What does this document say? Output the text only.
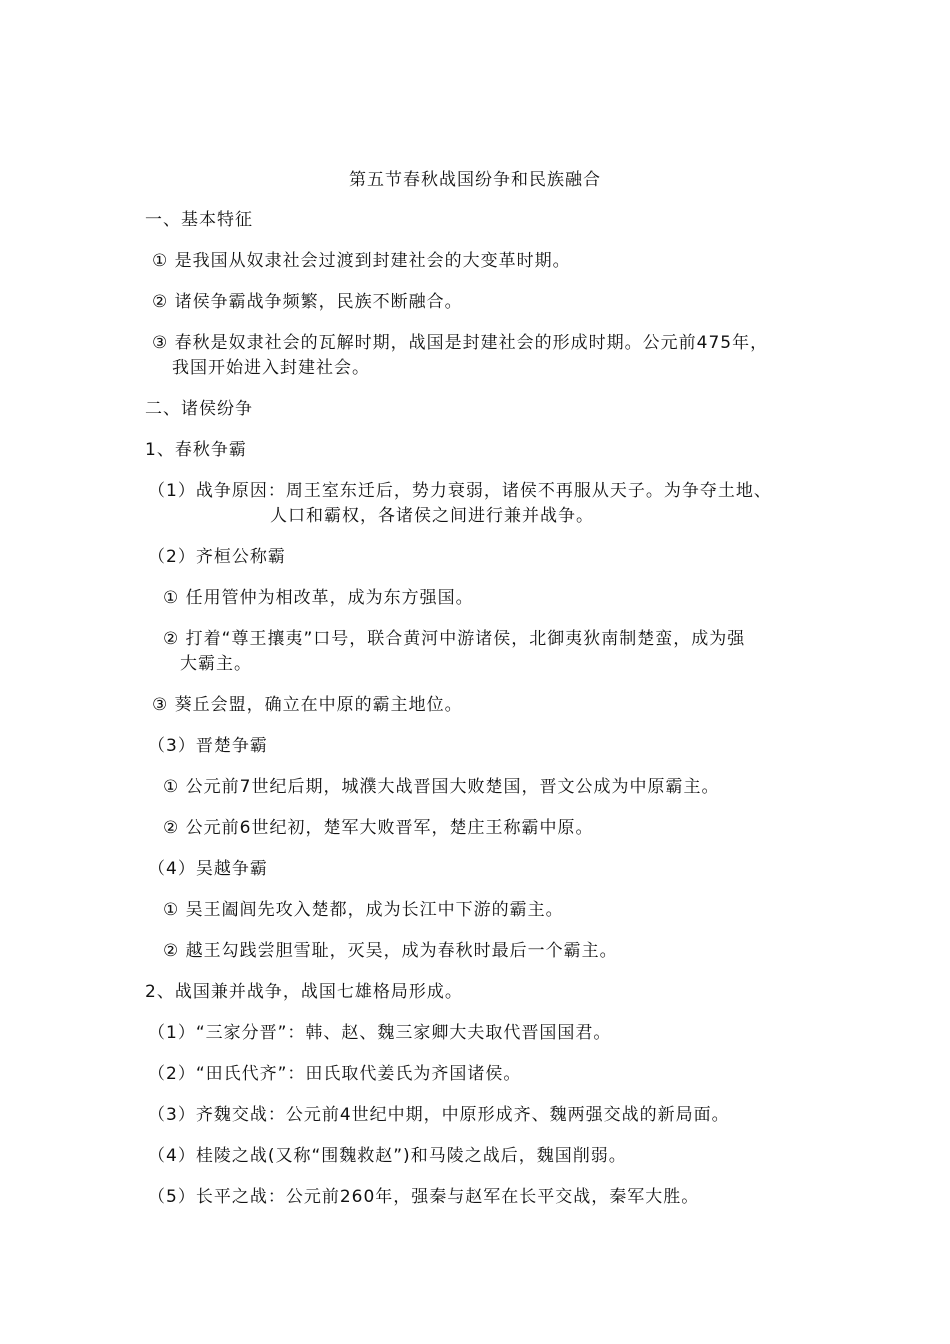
第五节春秋战国纷争和民族融合
一、基本特征
① 是我国从奴隶社会过渡到封建社会的大变革时期。
② 诸侯争霸战争频繁，民族不断融合。
③ 春秋是奴隶社会的瓦解时期，战国是封建社会的形成时期。公元前475年，
我国开始进入封建社会。
二、诸侯纷争
1、春秋争霸
（1）战争原因：周王室东迁后，势力衰弱，诸侯不再服从天子。为争夺土地、
人口和霸权，各诸侯之间进行兼并战争。
（2）齐桓公称霸
① 任用管仲为相改革，成为东方强国。
② 打着“尊王攘夷”口号，联合黄河中游诸侯，北御夷狄南制楚蛮，成为强
大霸主。
③ 葵丘会盟，确立在中原的霸主地位。
（3）晋楚争霸
① 公元前7世纪后期，城濮大战晋国大败楚国，晋文公成为中原霸主。
② 公元前6世纪初，楚军大败晋军，楚庄王称霸中原。
（4）吴越争霸
① 吴王阖闾先攻入楚都，成为长江中下游的霸主。
② 越王勾践尝胆雪耻，灭吴，成为春秋时最后一个霸主。
2、战国兼并战争，战国七雄格局形成。
（1）“三家分晋”：韩、赵、魏三家卿大夫取代晋国国君。
（2）“田氏代齐”：田氏取代姜氏为齐国诸侯。
（3）齐魏交战：公元前4世纪中期，中原形成齐、魏两强交战的新局面。
（4）桂陵之战(又称“围魏救赵”)和马陵之战后，魏国削弱。
（5）长平之战：公元前260年，强秦与赵军在长平交战，秦军大胜。
